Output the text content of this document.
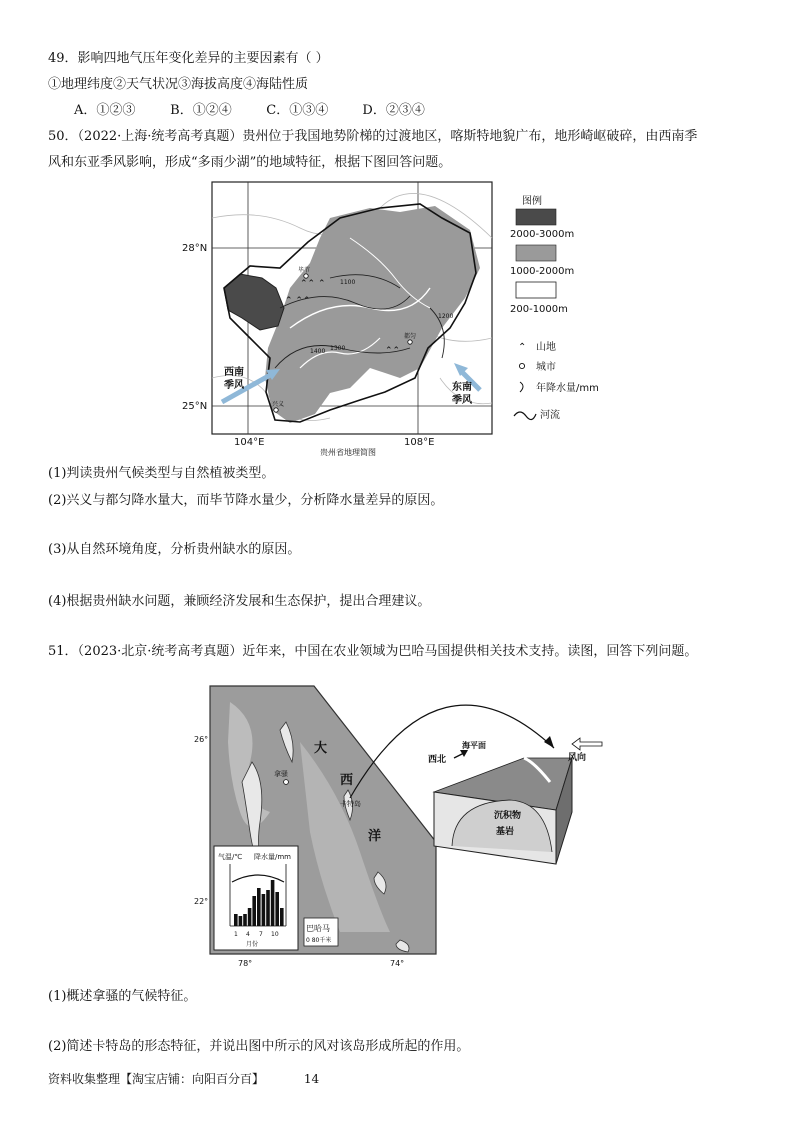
49．影响四地气压年变化差异的主要因素有（ ）
①地理纬度②天气状况③海拔高度④海陆性质
A．①②③	B．①②④	C．①③④	D．②③④
50．（2022·上海·统考高考真题）贵州位于我国地势阶梯的过渡地区，喀斯特地貌广布，地形崎岖破碎，由西南季
风和东亚季风影响，形成“多雨少湖”的地域特征，根据下图回答问题。
1100
1200
1300
1400
⌃⌃ ⌃
⌃ ⌃⌃
⌃⌃
毕节
都匀
兴义
西南
季风	东南
季风
28°N
25°N
104°E	108°E
贵州省地理简图
图例
2000-3000m
1000-2000m
200-1000m
⌃ 山地
城市
年降水量/mm
河流
(1)判读贵州气候类型与自然植被类型。
(2)兴义与都匀降水量大，而毕节降水量少，分析降水量差异的原因。
(3)从自然环境角度，分析贵州缺水的原因。
(4)根据贵州缺水问题，兼顾经济发展和生态保护，提出合理建议。
51．（2023·北京·统考高考真题）近年来，中国在农业领域为巴哈马国提供相关技术支持。读图，回答下列问题。
26°
22°
78°	74°
大
西
洋
拿骚
卡特岛
气温/℃ 降水量/mm
1 4 7 10
月份
巴哈马
0 80千米
沉积物
基岩
海平面
西北	风向
(1)概述拿骚的气候特征。
(2)简述卡特岛的形态特征，并说出图中所示的风对该岛形成所起的作用。
资料收集整理【淘宝店铺：向阳百分百】	14
